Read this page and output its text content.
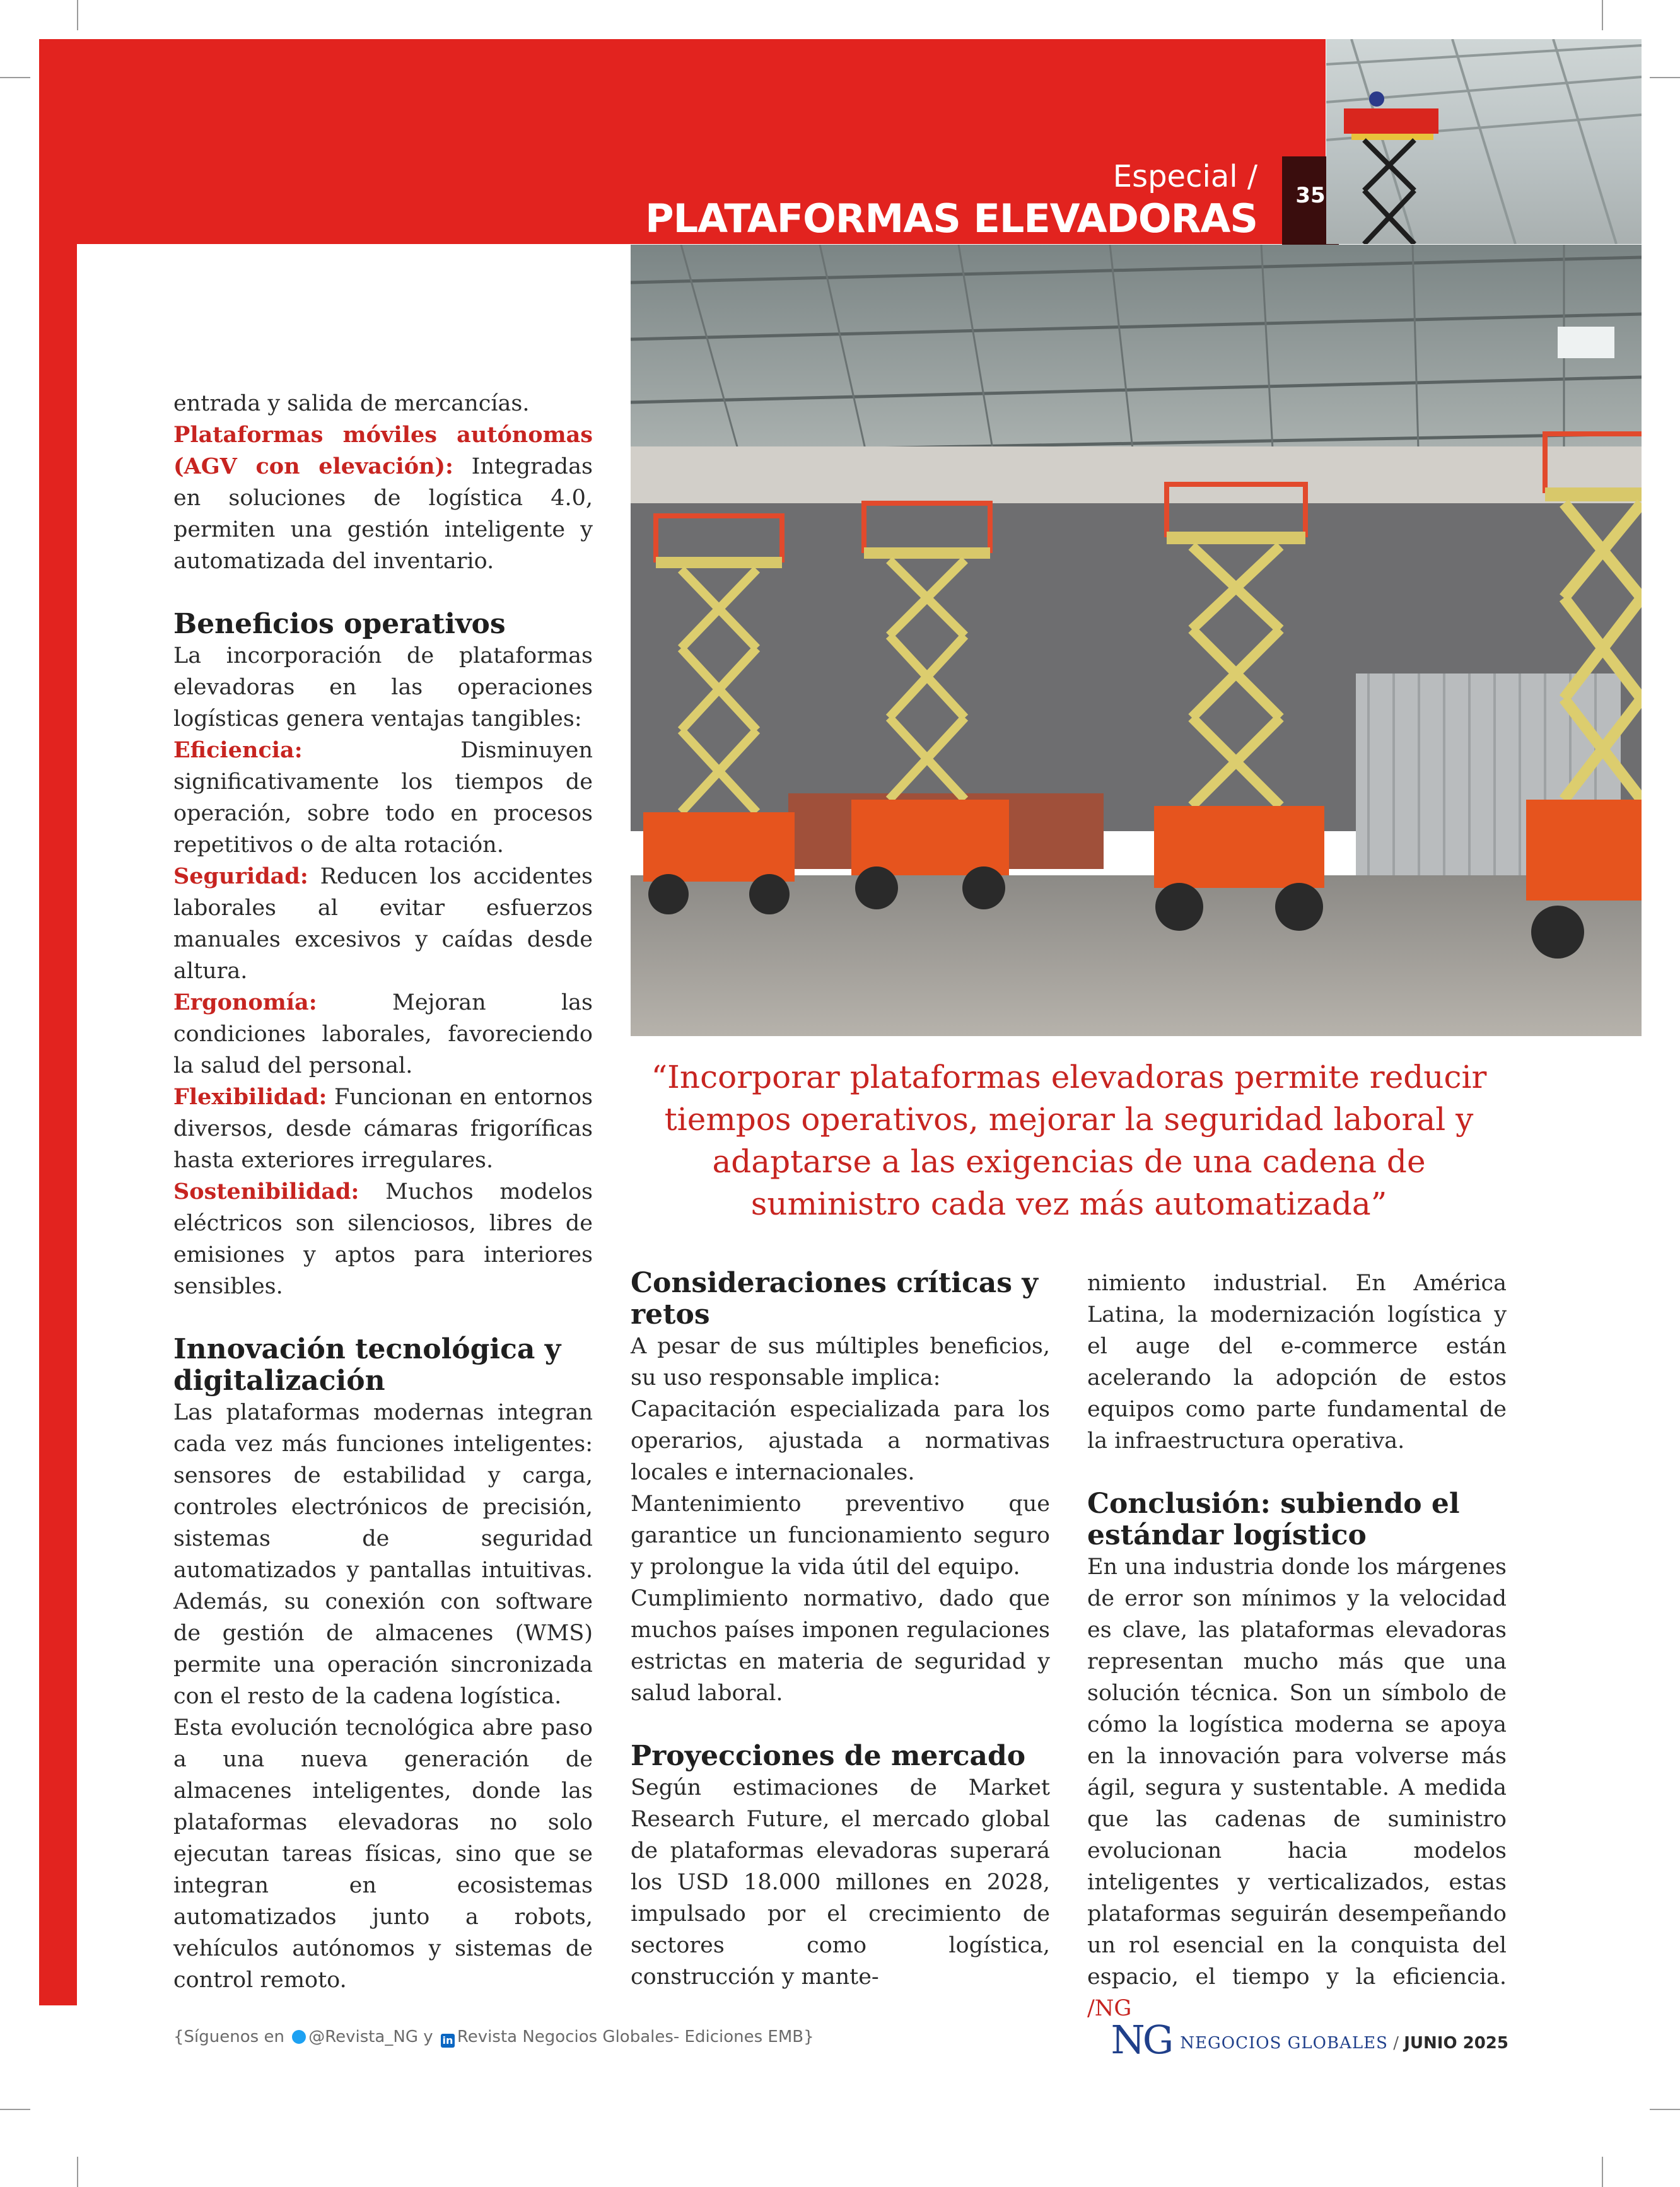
Especial /
PLATAFORMAS ELEVADORAS	35
“Incorporar plataformas elevadoras permite reducir tiempos operativos, mejorar la seguridad laboral y adaptarse a las exigencias de una cadena de suministro cada vez más automatizada”

entrada y salida de mercancías.

Plataformas móviles autónomas (AGV con elevación): Integradas en soluciones de logística 4.0, permiten una gestión inteligente y automatizada del inventario.

Beneficios operativos

La incorporación de plataformas elevadoras en las operaciones logísticas genera ventajas tangibles:

Eficiencia: Disminuyen significativamente los tiempos de operación, sobre todo en procesos repetitivos o de alta rotación.

Seguridad: Reducen los accidentes laborales al evitar esfuerzos manuales excesivos y caídas desde altura.

Ergonomía: Mejoran las condiciones laborales, favoreciendo la salud del personal.

Flexibilidad: Funcionan en entornos diversos, desde cámaras frigoríficas hasta exteriores irregulares.

Sostenibilidad: Muchos modelos eléctricos son silenciosos, libres de emisiones y aptos para interiores sensibles.

Innovación tecnológica y digitalización

Las plataformas modernas integran cada vez más funciones inteligentes: sensores de estabilidad y carga, controles electrónicos de precisión, sistemas de seguridad automatizados y pantallas intuitivas. Además, su conexión con software de gestión de almacenes (WMS) permite una operación sincronizada con el resto de la cadena logística.

Esta evolución tecnológica abre paso a una nueva generación de almacenes inteligentes, donde las plataformas elevadoras no solo ejecutan tareas físicas, sino que se integran en ecosistemas automatizados junto a robots, vehículos autónomos y sistemas de control remoto.

Consideraciones críticas y retos

A pesar de sus múltiples beneficios, su uso responsable implica:

Capacitación especializada para los operarios, ajustada a normativas locales e internacionales.

Mantenimiento preventivo que garantice un funcionamiento seguro y prolongue la vida útil del equipo.

Cumplimiento normativo, dado que muchos países imponen regulaciones estrictas en materia de seguridad y salud laboral.

Proyecciones de mercado

Según estimaciones de Market Research Future, el mercado global de plataformas elevadoras superará los USD 18.000 millones en 2028, impulsado por el crecimiento de sectores como logística, construcción y mante-

nimiento industrial. En América Latina, la modernización logística y el auge del e-commerce están acelerando la adopción de estos equipos como parte fundamental de la infraestructura operativa.

Conclusión: subiendo el estándar logístico

En una industria donde los márgenes de error son mínimos y la velocidad es clave, las plataformas elevadoras representan mucho más que una solución técnica. Son un símbolo de cómo la logística moderna se apoya en la innovación para volverse más ágil, segura y sustentable. A medida que las cadenas de suministro evolucionan hacia modelos inteligentes y verticalizados, estas plataformas seguirán desempeñando un rol esencial en la conquista del espacio, el tiempo y la eficiencia. /NG

{Síguenos en @Revista_NG y in Revista Negocios Globales- Ediciones EMB}	NG NEGOCIOS GLOBALES / JUNIO 2025
